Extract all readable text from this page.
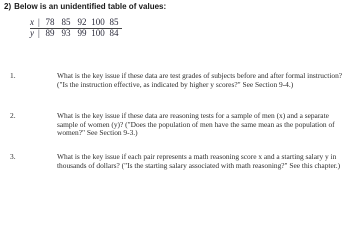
2) Below is an unidentified table of values:
x | 78 85 92 100 85
y | 89 93 99 100 84
1.	What is the key issue if these data are test grades of subjects before and after formal instruction? ("Is the instruction effective, as indicated by higher y scores?" See Section 9-4.)
2.	What is the key issue if these data are reasoning tests for a sample of men (x) and a separate sample of women (y)? ("Does the population of men have the same mean as the population of women?" See Section 9-3.)
3.	What is the key issue if each pair represents a math reasoning score x and a starting salary y in thousands of dollars? ("Is the starting salary associated with math reasoning?" See this chapter.)
